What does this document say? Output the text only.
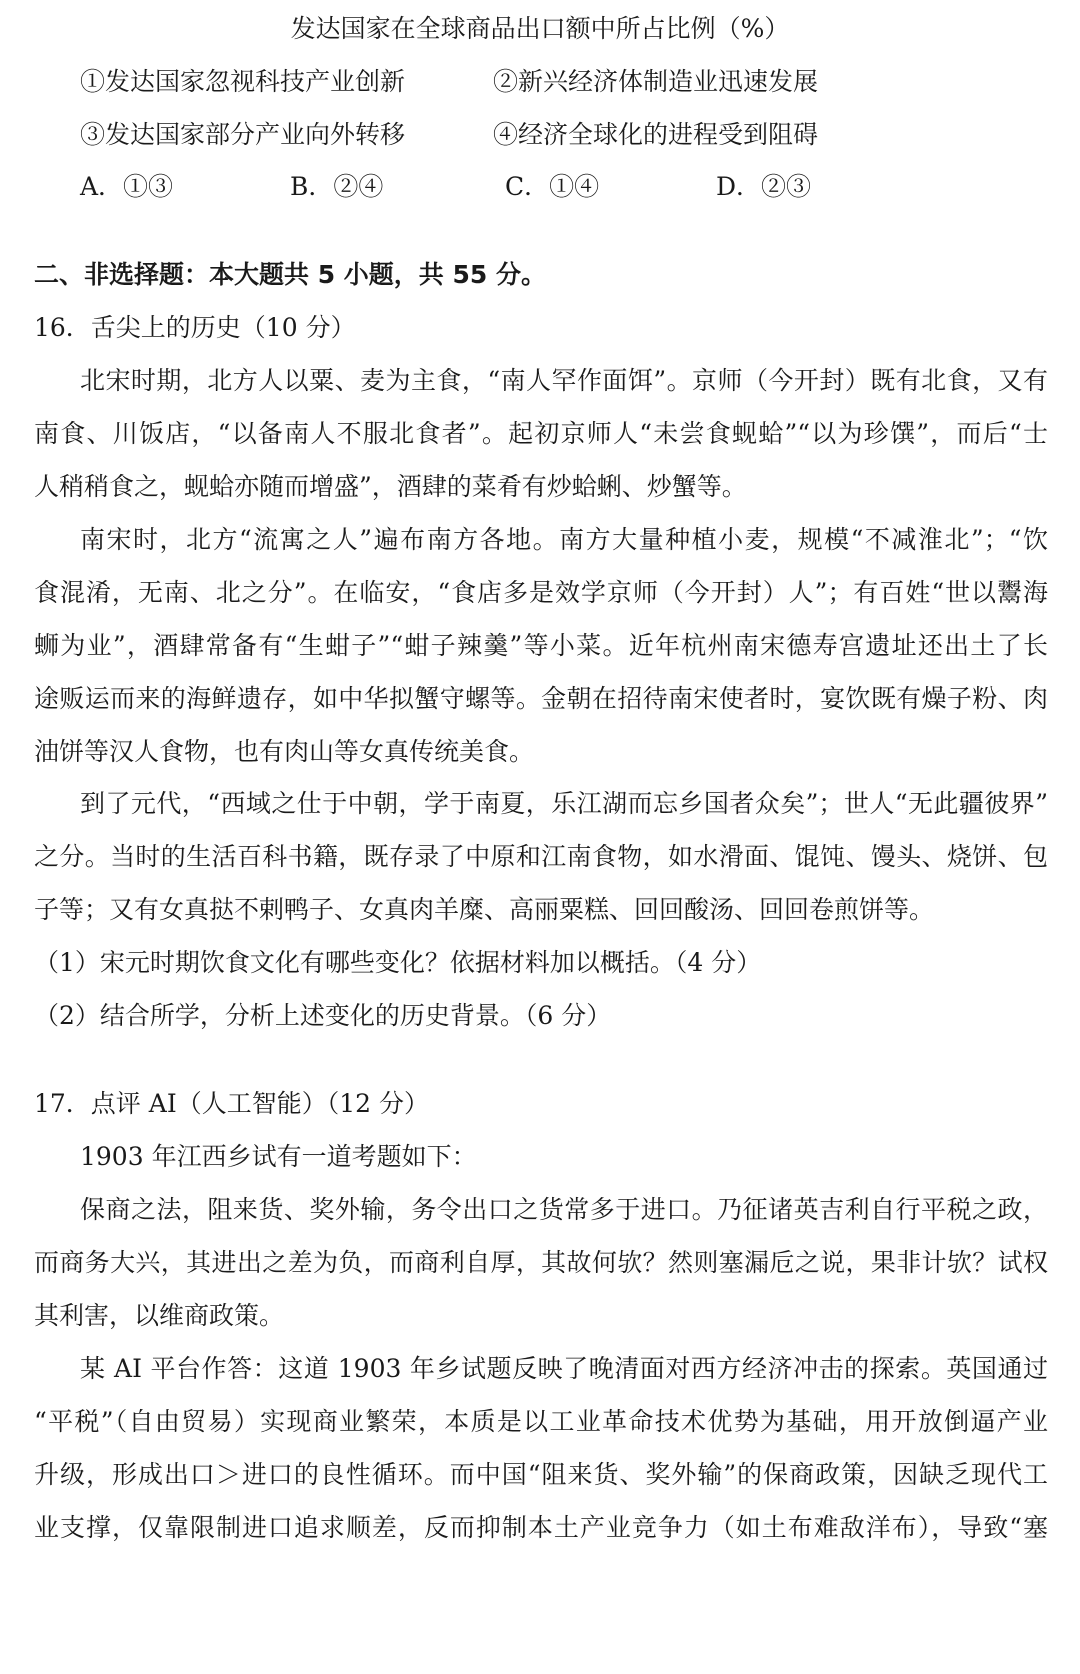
发达国家在全球商品出口额中所占比例（%）
①发达国家忽视科技产业创新	②新兴经济体制造业迅速发展
③发达国家部分产业向外转移	④经济全球化的进程受到阻碍
A．①③	B．②④	C．①④	D．②③
二、非选择题：本大题共 5 小题，共 55 分。
16．舌尖上的历史（10 分）
北宋时期，北方人以粟、麦为主食，“南人罕作面饵”。京师（今开封）既有北食，又有
南食、川饭店，“以备南人不服北食者”。起初京师人“未尝食蚬蛤”“以为珍馔”，而后“士
人稍稍食之，蚬蛤亦随而增盛”，酒肆的菜肴有炒蛤蜊、炒蟹等。
南宋时，北方“流寓之人”遍布南方各地。南方大量种植小麦，规模“不减淮北”；“饮
食混淆，无南、北之分”。在临安，“食店多是效学京师（今开封）人”；有百姓“世以鬻海
蛳为业”，酒肆常备有“生蚶子”“蚶子辣羹”等小菜。近年杭州南宋德寿宫遗址还出土了长
途贩运而来的海鲜遗存，如中华拟蟹守螺等。金朝在招待南宋使者时，宴饮既有燥子粉、肉
油饼等汉人食物，也有肉山等女真传统美食。
到了元代，“西域之仕于中朝，学于南夏，乐江湖而忘乡国者众矣”；世人“无此疆彼界”
之分。当时的生活百科书籍，既存录了中原和江南食物，如水滑面、馄饨、馒头、烧饼、包
子等；又有女真挞不剌鸭子、女真肉羊糜、高丽粟糕、回回酸汤、回回卷煎饼等。
（1）宋元时期饮食文化有哪些变化？依据材料加以概括。（4 分）
（2）结合所学，分析上述变化的历史背景。（6 分）
17．点评 AI（人工智能）（12 分）
1903 年江西乡试有一道考题如下：
保商之法，阻来货、奖外输，务令出口之货常多于进口。乃征诸英吉利自行平税之政，
而商务大兴，其进出之差为负，而商利自厚，其故何欤？然则塞漏卮之说，果非计欤？试权
其利害，以维商政策。
某 AI 平台作答：这道 1903 年乡试题反映了晚清面对西方经济冲击的探索。英国通过
“平税”（自由贸易）实现商业繁荣，本质是以工业革命技术优势为基础，用开放倒逼产业
升级，形成出口＞进口的良性循环。而中国“阻来货、奖外输”的保商政策，因缺乏现代工
业支撑，仅靠限制进口追求顺差，反而抑制本土产业竞争力（如土布难敌洋布），导致“塞
